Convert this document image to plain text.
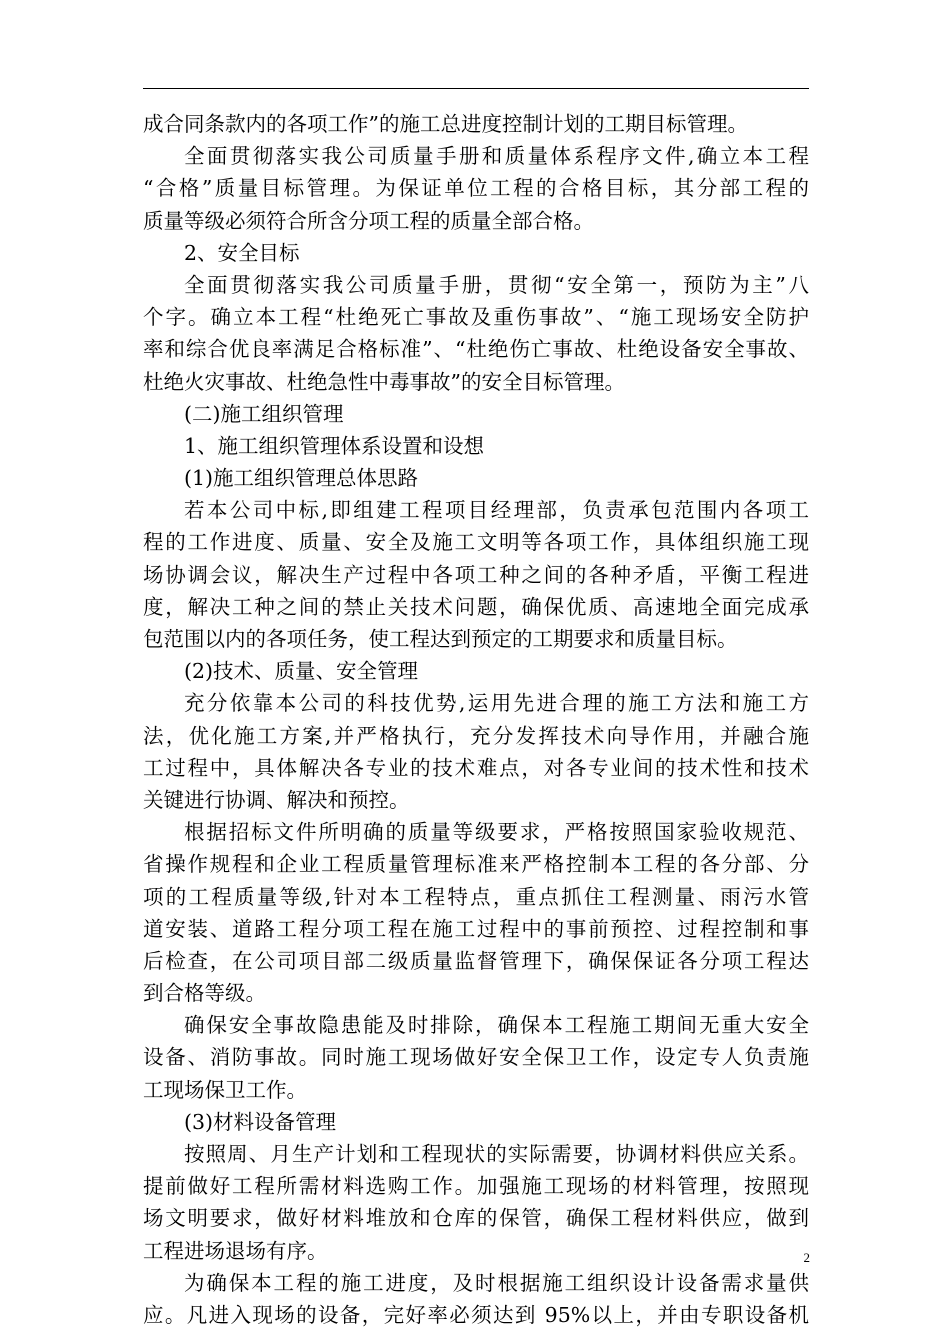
成合同条款内的各项工作”的施工总进度控制计划的工期目标管理。
全面贯彻落实我公司质量手册和质量体系程序文件,确立本工程
“合格”质量目标管理。为保证单位工程的合格目标，其分部工程的
质量等级必须符合所含分项工程的质量全部合格。
2、安全目标
全面贯彻落实我公司质量手册，贯彻“安全第一，预防为主”八
个字。确立本工程“杜绝死亡事故及重伤事故”、“施工现场安全防护
率和综合优良率满足合格标准”、“杜绝伤亡事故、杜绝设备安全事故、
杜绝火灾事故、杜绝急性中毒事故”的安全目标管理。
(二)施工组织管理
1、施工组织管理体系设置和设想
(1)施工组织管理总体思路
若本公司中标,即组建工程项目经理部，负责承包范围内各项工
程的工作进度、质量、安全及施工文明等各项工作，具体组织施工现
场协调会议，解决生产过程中各项工种之间的各种矛盾，平衡工程进
度，解决工种之间的禁止关技术问题，确保优质、高速地全面完成承
包范围以内的各项任务，使工程达到预定的工期要求和质量目标。
(2)技术、质量、安全管理
充分依靠本公司的科技优势,运用先进合理的施工方法和施工方
法，优化施工方案,并严格执行，充分发挥技术向导作用，并融合施
工过程中，具体解决各专业的技术难点，对各专业间的技术性和技术
关键进行协调、解决和预控。
根据招标文件所明确的质量等级要求，严格按照国家验收规范、
省操作规程和企业工程质量管理标准来严格控制本工程的各分部、分
项的工程质量等级,针对本工程特点，重点抓住工程测量、雨污水管
道安装、道路工程分项工程在施工过程中的事前预控、过程控制和事
后检查，在公司项目部二级质量监督管理下，确保保证各分项工程达
到合格等级。
确保安全事故隐患能及时排除，确保本工程施工期间无重大安全
设备、消防事故。同时施工现场做好安全保卫工作，设定专人负责施
工现场保卫工作。
(3)材料设备管理
按照周、月生产计划和工程现状的实际需要，协调材料供应关系。
提前做好工程所需材料选购工作。加强施工现场的材料管理，按照现
场文明要求，做好材料堆放和仓库的保管，确保工程材料供应，做到
工程进场退场有序。
为确保本工程的施工进度，及时根据施工组织设计设备需求量供
应。凡进入现场的设备，完好率必须达到 95%以上，并由专职设备机
2
